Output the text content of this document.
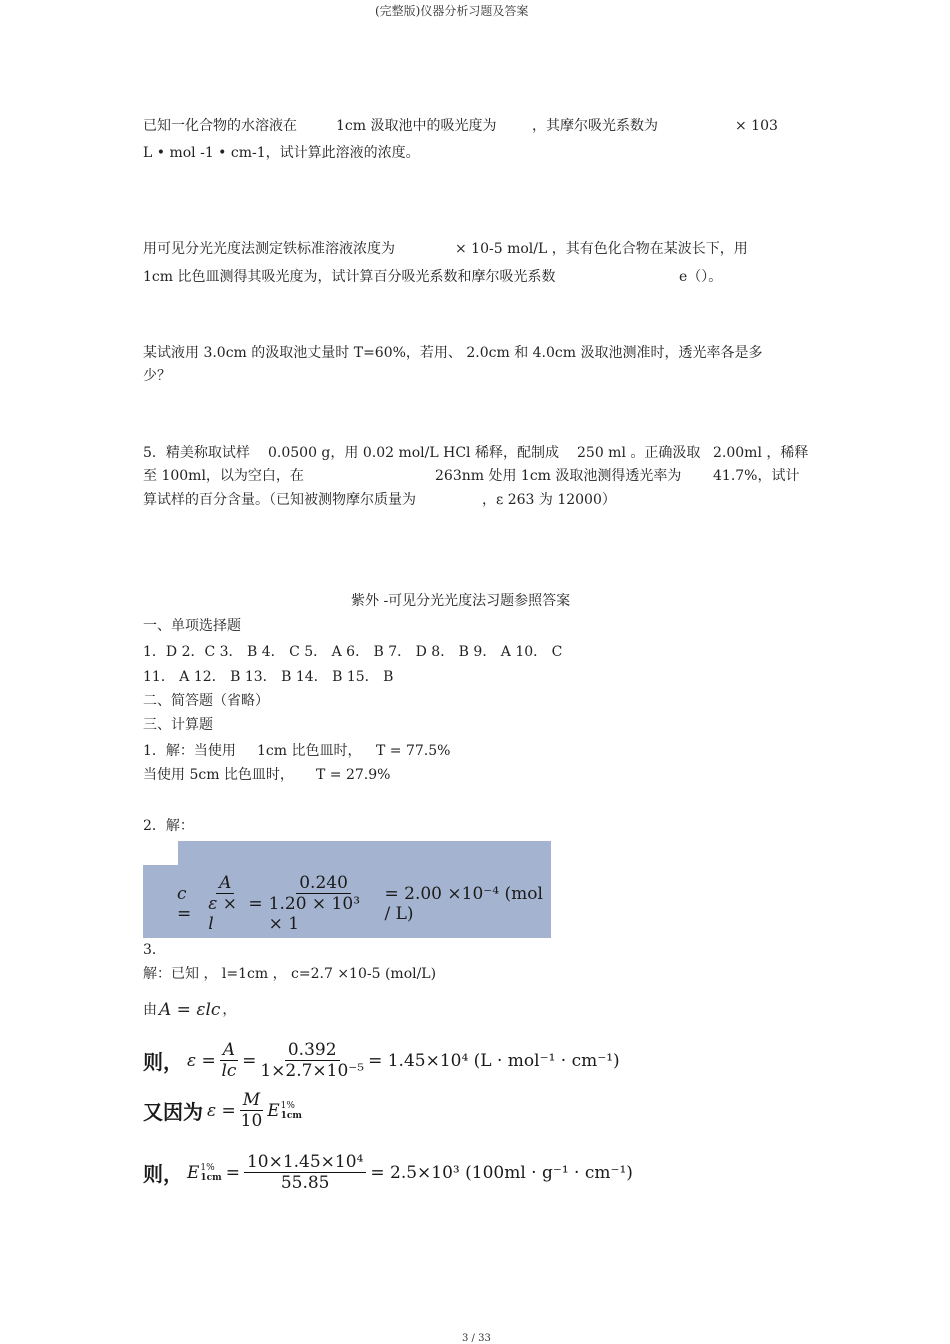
(完整版)仪器分析习题及答案
已知一化合物的水溶液在	1cm 汲取池中的吸光度为	，其摩尔吸光系数为	× 103
L • mol -1 • cm-1，试计算此溶液的浓度。
用可见分光光度法测定铁标准溶液浓度为	× 10-5 mol/L ，其有色化合物在某波长下，用
1cm 比色皿测得其吸光度为，试计算百分吸光系数和摩尔吸光系数	e（）。
某试液用 3.0cm 的汲取池丈量时 T=60%，若用、 2.0cm 和 4.0cm 汲取池测准时，透光率各是多
少？
5．精美称取试样 0.0500 g，用 0.02 mol/L HCl 稀释，配制成 250 ml 。正确汲取 2.00ml ，稀释
至 100ml，以为空白，在	263nm 处用 1cm 汲取池测得透光率为 41.7%，试计
算试样的百分含量。（已知被测物摩尔质量为	，ε 263 为 12000）
紫外 -可见分光光度法习题参照答案
一、单项选择题
1．D 2．C 3． B 4． C 5． A 6． B 7． D 8． B 9． A 10． C
11． A 12． B 13． B 14． B 15． B
二、简答题（省略）
三、计算题
1．解：当使用 1cm 比色皿时， T = 77.5%
当使用 5cm 比色皿时， T = 27.9%
2．解：
$c = \frac{A}{\varepsilon \times l} = \frac{0.240}{\text{1.20 × 10³ × 1}} = 2.00 \times 10^{-4}$ (mol / L)
3．
解：已知 ， l=1cm ， c=2.7 ×10-5 (mol/L)
由 A = εlc ，
则， $\varepsilon = \frac{A}{lc} = \frac{0.392}{\text{1×2.7×10⁻⁵}} = 1.45\times 10^4$ (L · mol⁻¹ · cm⁻¹)
又因为 $\varepsilon = \frac{M}{10}$ E 1%
1cm
则， E 1%
$1cm = \frac{\text{10×1.45×10⁴}}{55.85} = 2.5\times 10^3$ (100ml · g⁻¹ · cm⁻¹)
3 / 33
